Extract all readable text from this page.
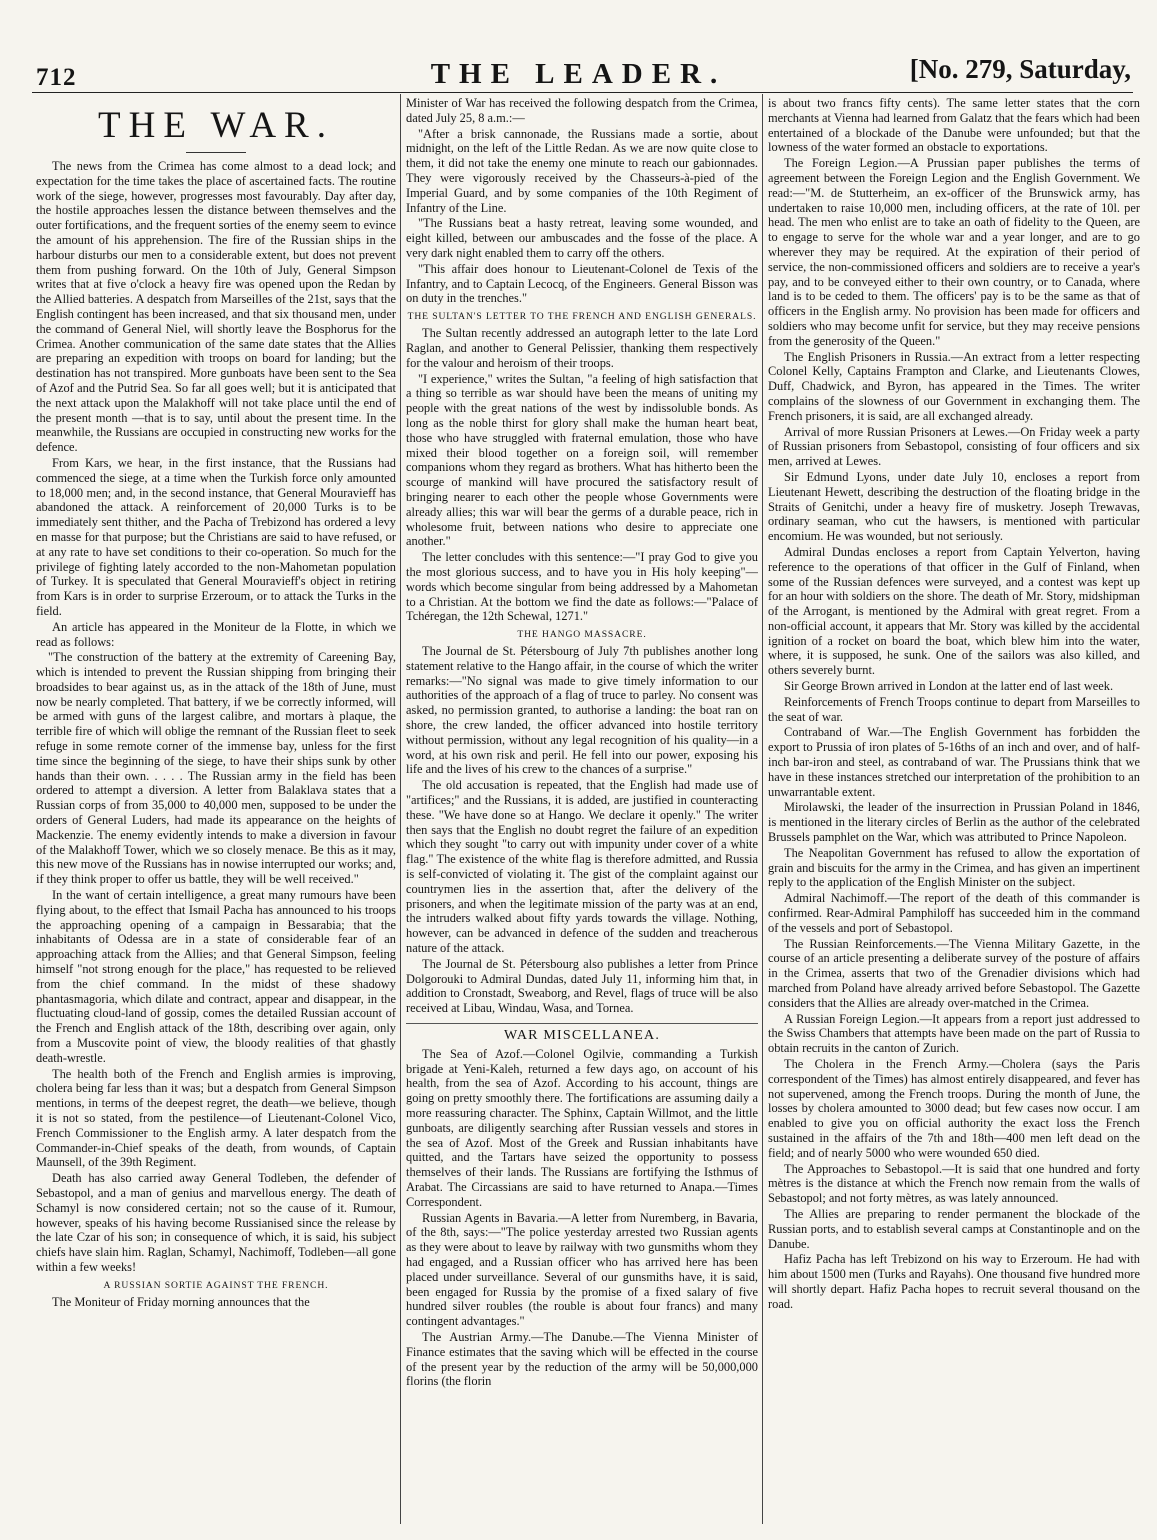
712	THE LEADER.	[No. 279, Saturday,
THE WAR.

The news from the Crimea has come almost to a dead lock; and expectation for the time takes the place of ascertained facts. The routine work of the siege, however, progresses most favourably. Day after day, the hostile approaches lessen the distance between themselves and the outer fortifications, and the frequent sorties of the enemy seem to evince the amount of his apprehension. The fire of the Russian ships in the harbour disturbs our men to a considerable extent, but does not prevent them from pushing forward. On the 10th of July, General Simpson writes that at five o'clock a heavy fire was opened upon the Redan by the Allied batteries. A despatch from Marseilles of the 21st, says that the English contingent has been increased, and that six thousand men, under the command of General Niel, will shortly leave the Bosphorus for the Crimea. Another communication of the same date states that the Allies are preparing an expedition with troops on board for landing; but the destination has not transpired. More gunboats have been sent to the Sea of Azof and the Putrid Sea. So far all goes well; but it is anticipated that the next attack upon the Malakhoff will not take place until the end of the present month —that is to say, until about the present time. In the meanwhile, the Russians are occupied in constructing new works for the defence.

From Kars, we hear, in the first instance, that the Russians had commenced the siege, at a time when the Turkish force only amounted to 18,000 men; and, in the second instance, that General Mouravieff has abandoned the attack. A reinforcement of 20,000 Turks is to be immediately sent thither, and the Pacha of Trebizond has ordered a levy en masse for that purpose; but the Christians are said to have refused, or at any rate to have set conditions to their co-operation. So much for the privilege of fighting lately accorded to the non-Mahometan population of Turkey. It is speculated that General Mouravieff's object in retiring from Kars is in order to surprise Erzeroum, or to attack the Turks in the field.

An article has appeared in the Moniteur de la Flotte, in which we read as follows:

"The construction of the battery at the extremity of Careening Bay, which is intended to prevent the Russian shipping from bringing their broadsides to bear against us, as in the attack of the 18th of June, must now be nearly completed. That battery, if we be correctly informed, will be armed with guns of the largest calibre, and mortars à plaque, the terrible fire of which will oblige the remnant of the Russian fleet to seek refuge in some remote corner of the immense bay, unless for the first time since the beginning of the siege, to have their ships sunk by other hands than their own. . . . . The Russian army in the field has been ordered to attempt a diversion. A letter from Balaklava states that a Russian corps of from 35,000 to 40,000 men, supposed to be under the orders of General Luders, had made its appearance on the heights of Mackenzie. The enemy evidently intends to make a diversion in favour of the Malakhoff Tower, which we so closely menace. Be this as it may, this new move of the Russians has in nowise interrupted our works; and, if they think proper to offer us battle, they will be well received."

In the want of certain intelligence, a great many rumours have been flying about, to the effect that Ismail Pacha has announced to his troops the approaching opening of a campaign in Bessarabia; that the inhabitants of Odessa are in a state of considerable fear of an approaching attack from the Allies; and that General Simpson, feeling himself "not strong enough for the place," has requested to be relieved from the chief command. In the midst of these shadowy phantasmagoria, which dilate and contract, appear and disappear, in the fluctuating cloud-land of gossip, comes the detailed Russian account of the French and English attack of the 18th, describing over again, only from a Muscovite point of view, the bloody realities of that ghastly death-wrestle.

The health both of the French and English armies is improving, cholera being far less than it was; but a despatch from General Simpson mentions, in terms of the deepest regret, the death—we believe, though it is not so stated, from the pestilence—of Lieutenant-Colonel Vico, French Commissioner to the English army. A later despatch from the Commander-in-Chief speaks of the death, from wounds, of Captain Maunsell, of the 39th Regiment.

Death has also carried away General Todleben, the defender of Sebastopol, and a man of genius and marvellous energy. The death of Schamyl is now considered certain; not so the cause of it. Rumour, however, speaks of his having become Russianised since the release by the late Czar of his son; in consequence of which, it is said, his subject chiefs have slain him. Raglan, Schamyl, Nachimoff, Todleben—all gone within a few weeks!

A RUSSIAN SORTIE AGAINST THE FRENCH.

The Moniteur of Friday morning announces that the

Minister of War has received the following despatch from the Crimea, dated July 25, 8 a.m.:—

"After a brisk cannonade, the Russians made a sortie, about midnight, on the left of the Little Redan. As we are now quite close to them, it did not take the enemy one minute to reach our gabionnades. They were vigorously received by the Chasseurs-à-pied of the Imperial Guard, and by some companies of the 10th Regiment of Infantry of the Line.

"The Russians beat a hasty retreat, leaving some wounded, and eight killed, between our ambuscades and the fosse of the place. A very dark night enabled them to carry off the others.

"This affair does honour to Lieutenant-Colonel de Texis of the Infantry, and to Captain Lecocq, of the Engineers. General Bisson was on duty in the trenches."

THE SULTAN'S LETTER TO THE FRENCH AND ENGLISH GENERALS.

The Sultan recently addressed an autograph letter to the late Lord Raglan, and another to General Pelissier, thanking them respectively for the valour and heroism of their troops.

"I experience," writes the Sultan, "a feeling of high satisfaction that a thing so terrible as war should have been the means of uniting my people with the great nations of the west by indissoluble bonds. As long as the noble thirst for glory shall make the human heart beat, those who have struggled with fraternal emulation, those who have mixed their blood together on a foreign soil, will remember companions whom they regard as brothers. What has hitherto been the scourge of mankind will have procured the satisfactory result of bringing nearer to each other the people whose Governments were already allies; this war will bear the germs of a durable peace, rich in wholesome fruit, between nations who desire to appreciate one another."

The letter concludes with this sentence:—"I pray God to give you the most glorious success, and to have you in His holy keeping"—words which become singular from being addressed by a Mahometan to a Christian. At the bottom we find the date as follows:—"Palace of Tchéregan, the 12th Schewal, 1271."

THE HANGO MASSACRE.

The Journal de St. Pétersbourg of July 7th publishes another long statement relative to the Hango affair, in the course of which the writer remarks:—"No signal was made to give timely information to our authorities of the approach of a flag of truce to parley. No consent was asked, no permission granted, to authorise a landing: the boat ran on shore, the crew landed, the officer advanced into hostile territory without permission, without any legal recognition of his quality—in a word, at his own risk and peril. He fell into our power, exposing his life and the lives of his crew to the chances of a surprise."

The old accusation is repeated, that the English had made use of "artifices;" and the Russians, it is added, are justified in counteracting these. "We have done so at Hango. We declare it openly." The writer then says that the English no doubt regret the failure of an expedition which they sought "to carry out with impunity under cover of a white flag." The existence of the white flag is therefore admitted, and Russia is self-convicted of violating it. The gist of the complaint against our countrymen lies in the assertion that, after the delivery of the prisoners, and when the legitimate mission of the party was at an end, the intruders walked about fifty yards towards the village. Nothing, however, can be advanced in defence of the sudden and treacherous nature of the attack.

The Journal de St. Pétersbourg also publishes a letter from Prince Dolgorouki to Admiral Dundas, dated July 11, informing him that, in addition to Cronstadt, Sweaborg, and Revel, flags of truce will be also received at Libau, Windau, Wasa, and Tornea.

WAR MISCELLANEA.

The Sea of Azof.—Colonel Ogilvie, commanding a Turkish brigade at Yeni-Kaleh, returned a few days ago, on account of his health, from the sea of Azof. According to his account, things are going on pretty smoothly there. The fortifications are assuming daily a more reassuring character. The Sphinx, Captain Willmot, and the little gunboats, are diligently searching after Russian vessels and stores in the sea of Azof. Most of the Greek and Russian inhabitants have quitted, and the Tartars have seized the opportunity to possess themselves of their lands. The Russians are fortifying the Isthmus of Arabat. The Circassians are said to have returned to Anapa.—Times Correspondent.

Russian Agents in Bavaria.—A letter from Nuremberg, in Bavaria, of the 8th, says:—"The police yesterday arrested two Russian agents as they were about to leave by railway with two gunsmiths whom they had engaged, and a Russian officer who has arrived here has been placed under surveillance. Several of our gunsmiths have, it is said, been engaged for Russia by the promise of a fixed salary of five hundred silver roubles (the rouble is about four francs) and many contingent advantages."

The Austrian Army.—The Danube.—The Vienna Minister of Finance estimates that the saving which will be effected in the course of the present year by the reduction of the army will be 50,000,000 florins (the florin

is about two francs fifty cents). The same letter states that the corn merchants at Vienna had learned from Galatz that the fears which had been entertained of a blockade of the Danube were unfounded; but that the lowness of the water formed an obstacle to exportations.

The Foreign Legion.—A Prussian paper publishes the terms of agreement between the Foreign Legion and the English Government. We read:—"M. de Stutterheim, an ex-officer of the Brunswick army, has undertaken to raise 10,000 men, including officers, at the rate of 10l. per head. The men who enlist are to take an oath of fidelity to the Queen, are to engage to serve for the whole war and a year longer, and are to go wherever they may be required. At the expiration of their period of service, the non-commissioned officers and soldiers are to receive a year's pay, and to be conveyed either to their own country, or to Canada, where land is to be ceded to them. The officers' pay is to be the same as that of officers in the English army. No provision has been made for officers and soldiers who may become unfit for service, but they may receive pensions from the generosity of the Queen."

The English Prisoners in Russia.—An extract from a letter respecting Colonel Kelly, Captains Frampton and Clarke, and Lieutenants Clowes, Duff, Chadwick, and Byron, has appeared in the Times. The writer complains of the slowness of our Government in exchanging them. The French prisoners, it is said, are all exchanged already.

Arrival of more Russian Prisoners at Lewes.—On Friday week a party of Russian prisoners from Sebastopol, consisting of four officers and six men, arrived at Lewes.

Sir Edmund Lyons, under date July 10, encloses a report from Lieutenant Hewett, describing the destruction of the floating bridge in the Straits of Genitchi, under a heavy fire of musketry. Joseph Trewavas, ordinary seaman, who cut the hawsers, is mentioned with particular encomium. He was wounded, but not seriously.

Admiral Dundas encloses a report from Captain Yelverton, having reference to the operations of that officer in the Gulf of Finland, when some of the Russian defences were surveyed, and a contest was kept up for an hour with soldiers on the shore. The death of Mr. Story, midshipman of the Arrogant, is mentioned by the Admiral with great regret. From a non-official account, it appears that Mr. Story was killed by the accidental ignition of a rocket on board the boat, which blew him into the water, where, it is supposed, he sunk. One of the sailors was also killed, and others severely burnt.

Sir George Brown arrived in London at the latter end of last week.

Reinforcements of French Troops continue to depart from Marseilles to the seat of war.

Contraband of War.—The English Government has forbidden the export to Prussia of iron plates of 5-16ths of an inch and over, and of half-inch bar-iron and steel, as contraband of war. The Prussians think that we have in these instances stretched our interpretation of the prohibition to an unwarrantable extent.

Mirolawski, the leader of the insurrection in Prussian Poland in 1846, is mentioned in the literary circles of Berlin as the author of the celebrated Brussels pamphlet on the War, which was attributed to Prince Napoleon.

The Neapolitan Government has refused to allow the exportation of grain and biscuits for the army in the Crimea, and has given an impertinent reply to the application of the English Minister on the subject.

Admiral Nachimoff.—The report of the death of this commander is confirmed. Rear-Admiral Pamphiloff has succeeded him in the command of the vessels and port of Sebastopol.

The Russian Reinforcements.—The Vienna Military Gazette, in the course of an article presenting a deliberate survey of the posture of affairs in the Crimea, asserts that two of the Grenadier divisions which had marched from Poland have already arrived before Sebastopol. The Gazette considers that the Allies are already over-matched in the Crimea.

A Russian Foreign Legion.—It appears from a report just addressed to the Swiss Chambers that attempts have been made on the part of Russia to obtain recruits in the canton of Zurich.

The Cholera in the French Army.—Cholera (says the Paris correspondent of the Times) has almost entirely disappeared, and fever has not supervened, among the French troops. During the month of June, the losses by cholera amounted to 3000 dead; but few cases now occur. I am enabled to give you on official authority the exact loss the French sustained in the affairs of the 7th and 18th—400 men left dead on the field; and of nearly 5000 who were wounded 650 died.

The Approaches to Sebastopol.—It is said that one hundred and forty mètres is the distance at which the French now remain from the walls of Sebastopol; and not forty mètres, as was lately announced.

The Allies are preparing to render permanent the blockade of the Russian ports, and to establish several camps at Constantinople and on the Danube.

Hafiz Pacha has left Trebizond on his way to Erzeroum. He had with him about 1500 men (Turks and Rayahs). One thousand five hundred more will shortly depart. Hafiz Pacha hopes to recruit several thousand on the road.
